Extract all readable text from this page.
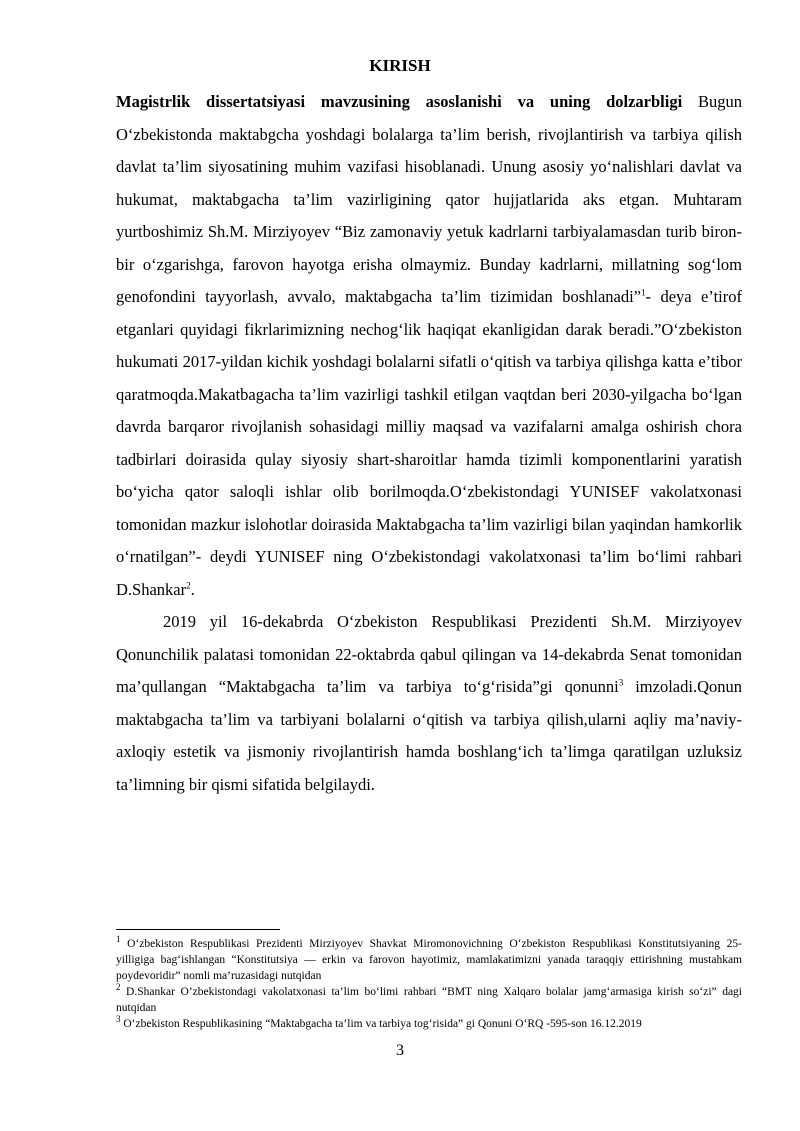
KIRISH

Magistrlik dissertatsiyasi mavzusining asoslanishi va uning dolzarbligi Bugun O‘zbekistonda maktabgcha yoshdagi bolalarga ta’lim berish, rivojlantirish va tarbiya qilish davlat ta’lim siyosatining muhim vazifasi hisoblanadi. Unung asosiy yo‘nalishlari davlat va hukumat, maktabgacha ta’lim vazirligining qator hujjatlarida aks etgan. Muhtaram yurtboshimiz Sh.M. Mirziyoyev “Biz zamonaviy yetuk kadrlarni tarbiyalamasdan turib biron-bir o‘zgarishga, farovon hayotga erisha olmaymiz. Bunday kadrlarni, millatning sog‘lom genofondini tayyorlash, avvalo, maktabgacha ta’lim tizimidan boshlanadi”$^1$- deya e’tirof etganlari quyidagi fikrlarimizning nechog‘lik haqiqat ekanligidan darak beradi.”O‘zbekiston hukumati 2017-yildan kichik yoshdagi bolalarni sifatli o‘qitish va tarbiya qilishga katta e’tibor qaratmoqda.Makatbagacha ta’lim vazirligi tashkil etilgan vaqtdan beri 2030-yilgacha bo‘lgan davrda barqaror rivojlanish sohasidagi milliy maqsad va vazifalarni amalga oshirish chora tadbirlari doirasida qulay siyosiy shart-sharoitlar hamda tizimli komponentlarini yaratish bo‘yicha qator saloqli ishlar olib borilmoqda.O‘zbekistondagi YUNISEF vakolatxonasi tomonidan mazkur islohotlar doirasida Maktabgacha ta’lim vazirligi bilan yaqindan hamkorlik o‘rnatilgan”- deydi YUNISEF ning O‘zbekistondagi vakolatxonasi ta’lim bo‘limi rahbari D.Shankar$^2$.

2019 yil 16-dekabrda O‘zbekiston Respublikasi Prezidenti Sh.M. Mirziyoyev Qonunchilik palatasi tomonidan 22-oktabrda qabul qilingan va 14-dekabrda Senat tomonidan ma’qullangan “Maktabgacha ta’lim va tarbiya to‘g‘risida”gi qonunni$^3$ imzoladi.Qonun maktabgacha ta’lim va tarbiyani bolalarni o‘qitish va tarbiya qilish,ularni aqliy ma’naviy-axloqiy estetik va jismoniy rivojlantirish hamda boshlang‘ich ta’limga qaratilgan uzluksiz ta’limning bir qismi sifatida belgilaydi.

$^1$ O‘zbekiston Respublikasi Prezidenti Mirziyoyev Shavkat Miromonovichning O‘zbekiston Respublikasi Konstitutsiyaning 25-yilligiga bag‘ishlangan “Konstitutsiya — erkin va farovon hayotimiz, mamlakatimizni yanada taraqqiy ettirishning mustahkam poydevoridir” nomli ma’ruzasidagi nutqidan

$^2$ D.Shankar O’zbekistondagi vakolatxonasi ta’lim bo‘limi rahbari “BMT ning Xalqaro bolalar jamg‘armasiga kirish so‘zi” dagi nutqidan

$^3$ O‘zbekiston Respublikasining “Maktabgacha ta’lim va tarbiya tog‘risida” gi Qonuni O‘RQ -595-son 16.12.2019

3
